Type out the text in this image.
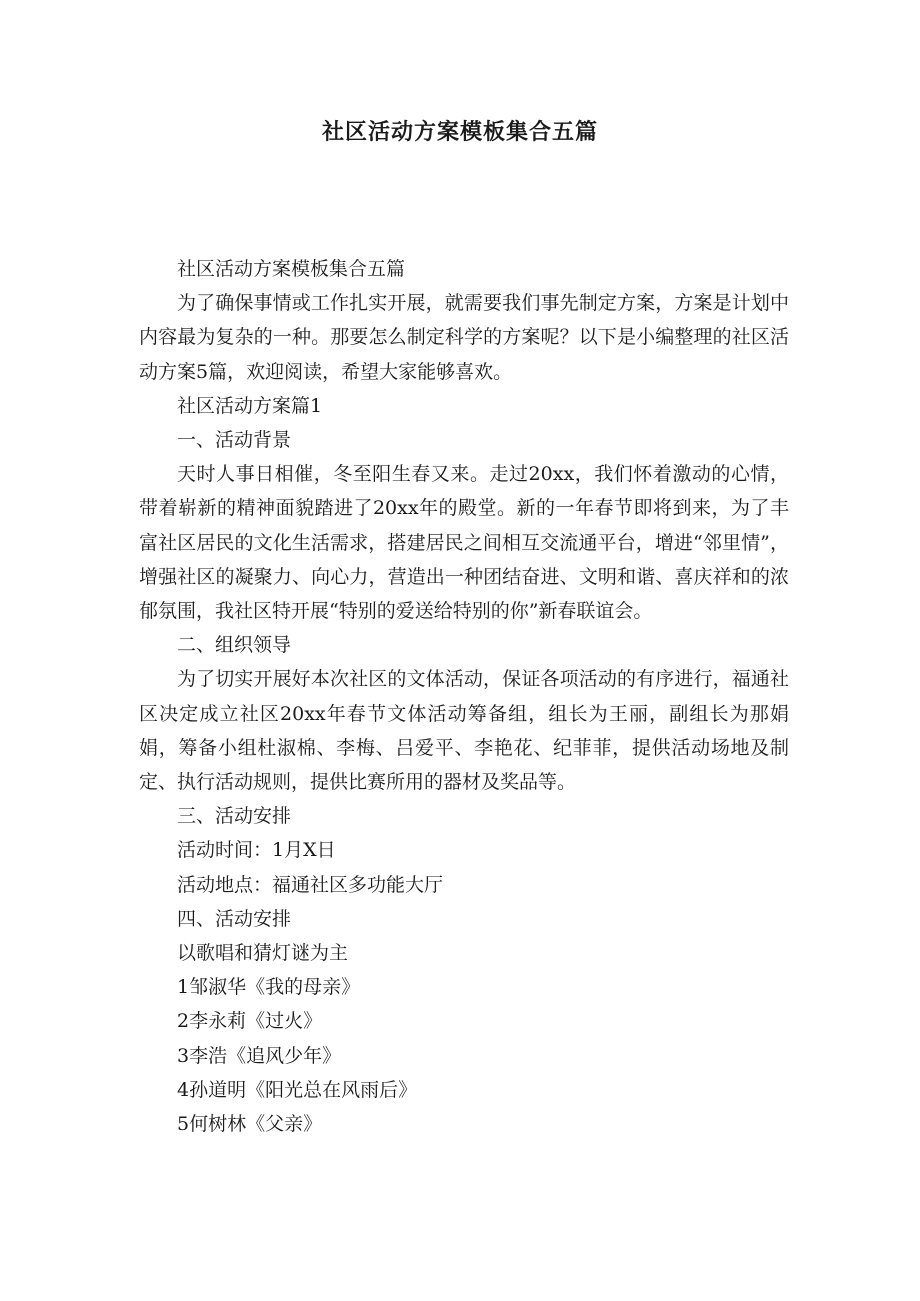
社区活动方案模板集合五篇

社区活动方案模板集合五篇

为了确保事情或工作扎实开展，就需要我们事先制定方案，方案是计划中内容最为复杂的一种。那要怎么制定科学的方案呢？以下是小编整理的社区活动方案5篇，欢迎阅读，希望大家能够喜欢。

社区活动方案篇1

一、活动背景

天时人事日相催，冬至阳生春又来。走过20xx，我们怀着激动的心情，带着崭新的精神面貌踏进了20xx年的殿堂。新的一年春节即将到来，为了丰富社区居民的文化生活需求，搭建居民之间相互交流通平台，增进“邻里情”，增强社区的凝聚力、向心力，营造出一种团结奋进、文明和谐、喜庆祥和的浓郁氛围，我社区特开展“特别的爱送给特别的你”新春联谊会。

二、组织领导

为了切实开展好本次社区的文体活动，保证各项活动的有序进行，福通社区决定成立社区20xx年春节文体活动筹备组，组长为王丽，副组长为那娟娟，筹备小组杜淑棉、李梅、吕爱平、李艳花、纪菲菲，提供活动场地及制定、执行活动规则，提供比赛所用的器材及奖品等。

三、活动安排

活动时间：1月X日

活动地点：福通社区多功能大厅

四、活动安排

以歌唱和猜灯谜为主

1邹淑华《我的母亲》

2李永莉《过火》

3李浩《追风少年》

4孙道明《阳光总在风雨后》

5何树林《父亲》
